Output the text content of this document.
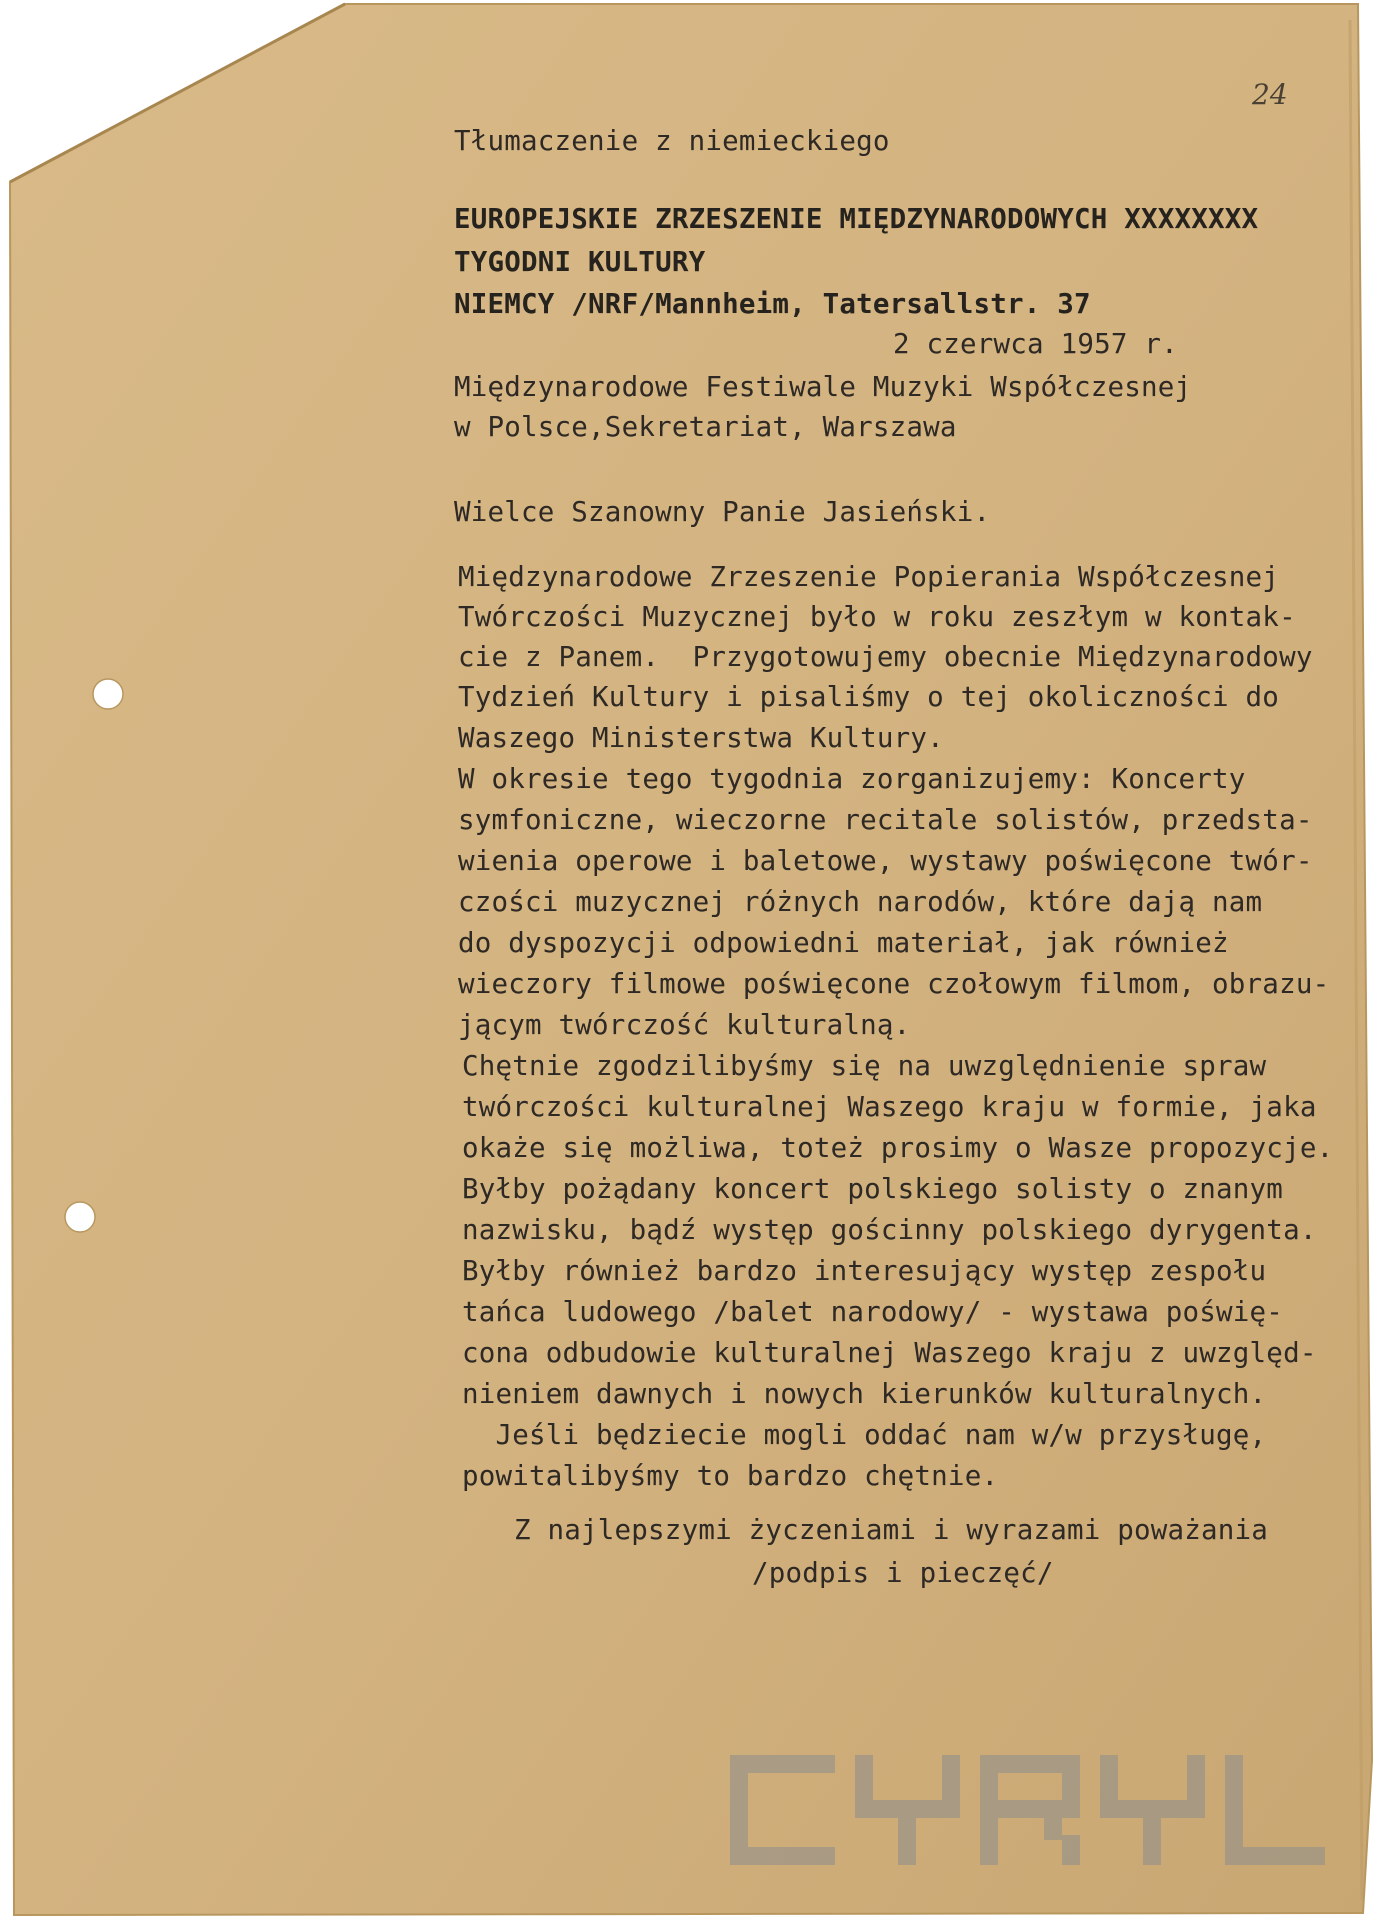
24
Tłumaczenie z niemieckiego
EUROPEJSKIE ZRZESZENIE MIĘDZYNARODOWYCH XXXXXXXX
TYGODNI KULTURY
NIEMCY /NRF/Mannheim, Tatersallstr. 37
2 czerwca 1957 r.
Międzynarodowe Festiwale Muzyki Współczesnej
w Polsce,Sekretariat, Warszawa
Wielce Szanowny Panie Jasieński.
Międzynarodowe Zrzeszenie Popierania Współczesnej
Twórczości Muzycznej było w roku zeszłym w kontak-
cie z Panem.  Przygotowujemy obecnie Międzynarodowy
Tydzień Kultury i pisaliśmy o tej okoliczności do
Waszego Ministerstwa Kultury.
W okresie tego tygodnia zorganizujemy: Koncerty
symfoniczne, wieczorne recitale solistów, przedsta-
wienia operowe i baletowe, wystawy poświęcone twór-
czości muzycznej różnych narodów, które dają nam
do dyspozycji odpowiedni materiał, jak również
wieczory filmowe poświęcone czołowym filmom, obrazu-
jącym twórczość kulturalną.
Chętnie zgodzilibyśmy się na uwzględnienie spraw
twórczości kulturalnej Waszego kraju w formie, jaka
okaże się możliwa, toteż prosimy o Wasze propozycje.
Byłby pożądany koncert polskiego solisty o znanym
nazwisku, bądź występ gościnny polskiego dyrygenta.
Byłby również bardzo interesujący występ zespołu
tańca ludowego /balet narodowy/ - wystawa poświę-
cona odbudowie kulturalnej Waszego kraju z uwzględ-
nieniem dawnych i nowych kierunków kulturalnych.
Jeśli będziecie mogli oddać nam w/w przysługę,
powitalibyśmy to bardzo chętnie.
Z najlepszymi życzeniami i wyrazami poważania
/podpis i pieczęć/
